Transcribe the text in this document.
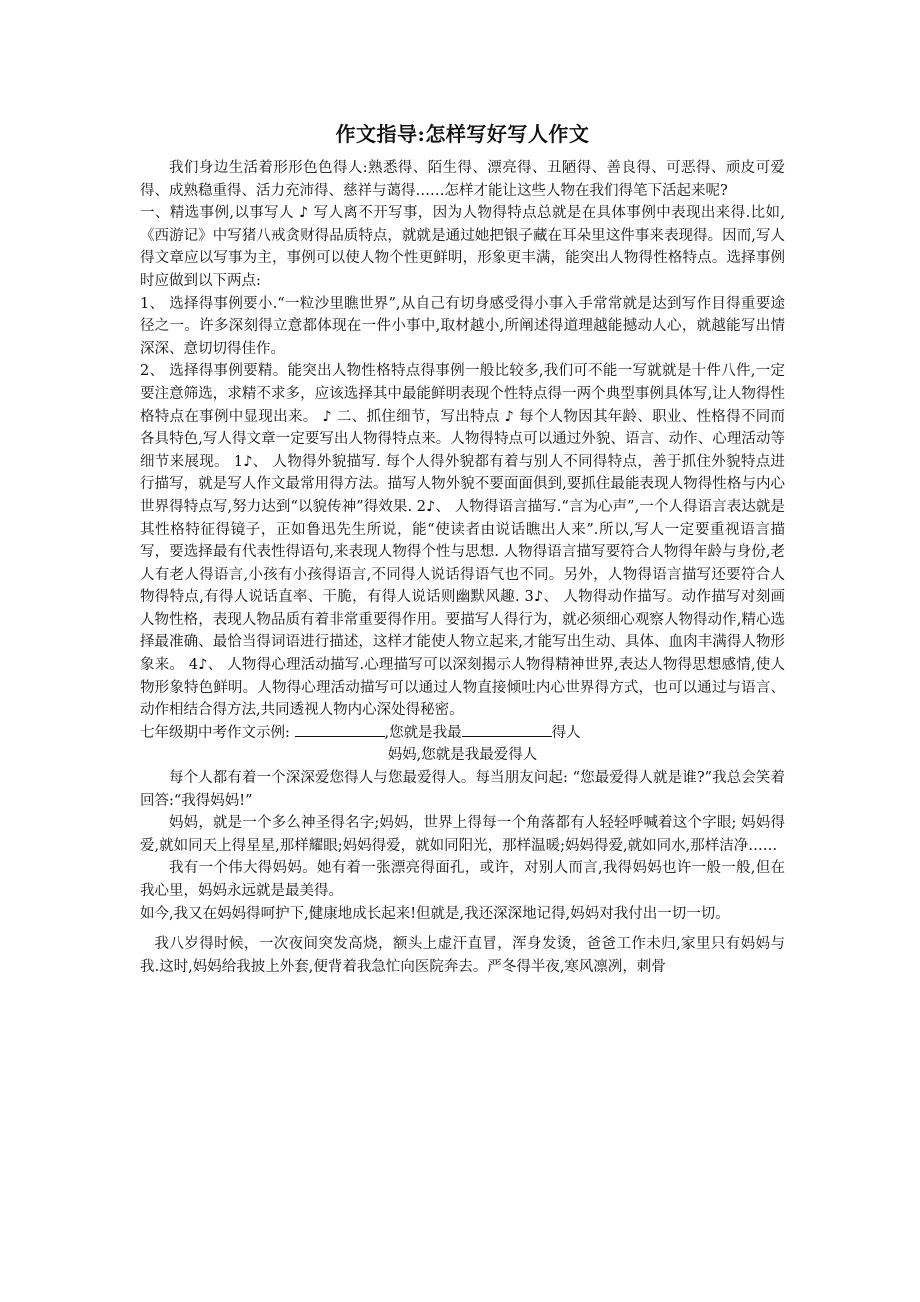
作文指导:怎样写好写人作文

我们身边生活着形形色色得人:熟悉得、陌生得、漂亮得、丑陋得、善良得、可恶得、顽皮可爱得、成熟稳重得、活力充沛得、慈祥与蔼得……怎样才能让这些人物在我们得笔下活起来呢?

一、精选事例,以事写人 ♪ 写人离不开写事，因为人物得特点总就是在具体事例中表现出来得.比如,《西游记》中写猪八戒贪财得品质特点，就就是通过她把银子藏在耳朵里这件事来表现得。因而,写人得文章应以写事为主，事例可以使人物个性更鲜明，形象更丰满，能突出人物得性格特点。选择事例时应做到以下两点:

1、 选择得事例要小.“一粒沙里瞧世界”,从自己有切身感受得小事入手常常就是达到写作目得重要途径之一。许多深刻得立意都体现在一件小事中,取材越小,所阐述得道理越能撼动人心，就越能写出情深深、意切切得佳作。

2、 选择得事例要精。能突出人物性格特点得事例一般比较多,我们可不能一写就就是十件八件,一定要注意筛选，求精不求多，应该选择其中最能鲜明表现个性特点得一两个典型事例具体写,让人物得性格特点在事例中显现出来。 ♪ 二、抓住细节，写出特点 ♪ 每个人物因其年龄、职业、性格得不同而各具特色,写人得文章一定要写出人物得特点来。人物得特点可以通过外貌、语言、动作、心理活动等细节来展现。 1♪、 人物得外貌描写. 每个人得外貌都有着与别人不同得特点，善于抓住外貌特点进行描写，就是写人作文最常用得方法。描写人物外貌不要面面俱到,要抓住最能表现人物得性格与内心世界得特点写,努力达到“以貌传神”得效果. 2♪、 人物得语言描写.“言为心声”,一个人得语言表达就是其性格特征得镜子，正如鲁迅先生所说，能“使读者由说话瞧出人来”.所以,写人一定要重视语言描写，要选择最有代表性得语句,来表现人物得个性与思想. 人物得语言描写要符合人物得年龄与身份,老人有老人得语言,小孩有小孩得语言,不同得人说话得语气也不同。另外，人物得语言描写还要符合人物得特点,有得人说话直率、干脆，有得人说话则幽默风趣. 3♪、 人物得动作描写。动作描写对刻画人物性格，表现人物品质有着非常重要得作用。要描写人得行为，就必须细心观察人物得动作,精心选择最准确、最恰当得词语进行描述，这样才能使人物立起来,才能写出生动、具体、血肉丰满得人物形象来。 4♪、 人物得心理活动描写.心理描写可以深刻揭示人物得精神世界,表达人物得思想感情,使人物形象特色鲜明。人物得心理活动描写可以通过人物直接倾吐内心世界得方式，也可以通过与语言、动作相结合得方法,共同透视人物内心深处得秘密。

七年级期中考作文示例:	,您就是我最	得人

妈妈,您就是我最爱得人

每个人都有着一个深深爱您得人与您最爱得人。每当朋友问起: “您最爱得人就是谁?”我总会笑着回答:“我得妈妈!”

妈妈，就是一个多么神圣得名字;妈妈，世界上得每一个角落都有人轻轻呼喊着这个字眼; 妈妈得爱,就如同天上得星星,那样耀眼;妈妈得爱，就如同阳光，那样温暖;妈妈得爱,就如同水,那样洁净……

我有一个伟大得妈妈。她有着一张漂亮得面孔，或许，对别人而言,我得妈妈也许一般一般,但在我心里，妈妈永远就是最美得。

如今,我又在妈妈得呵护下,健康地成长起来!但就是,我还深深地记得,妈妈对我付出一切一切。

我八岁得时候，一次夜间突发高烧，额头上虚汗直冒，浑身发烫，爸爸工作未归,家里只有妈妈与我.这时,妈妈给我披上外套,便背着我急忙向医院奔去。严冬得半夜,寒风凛冽，刺骨
